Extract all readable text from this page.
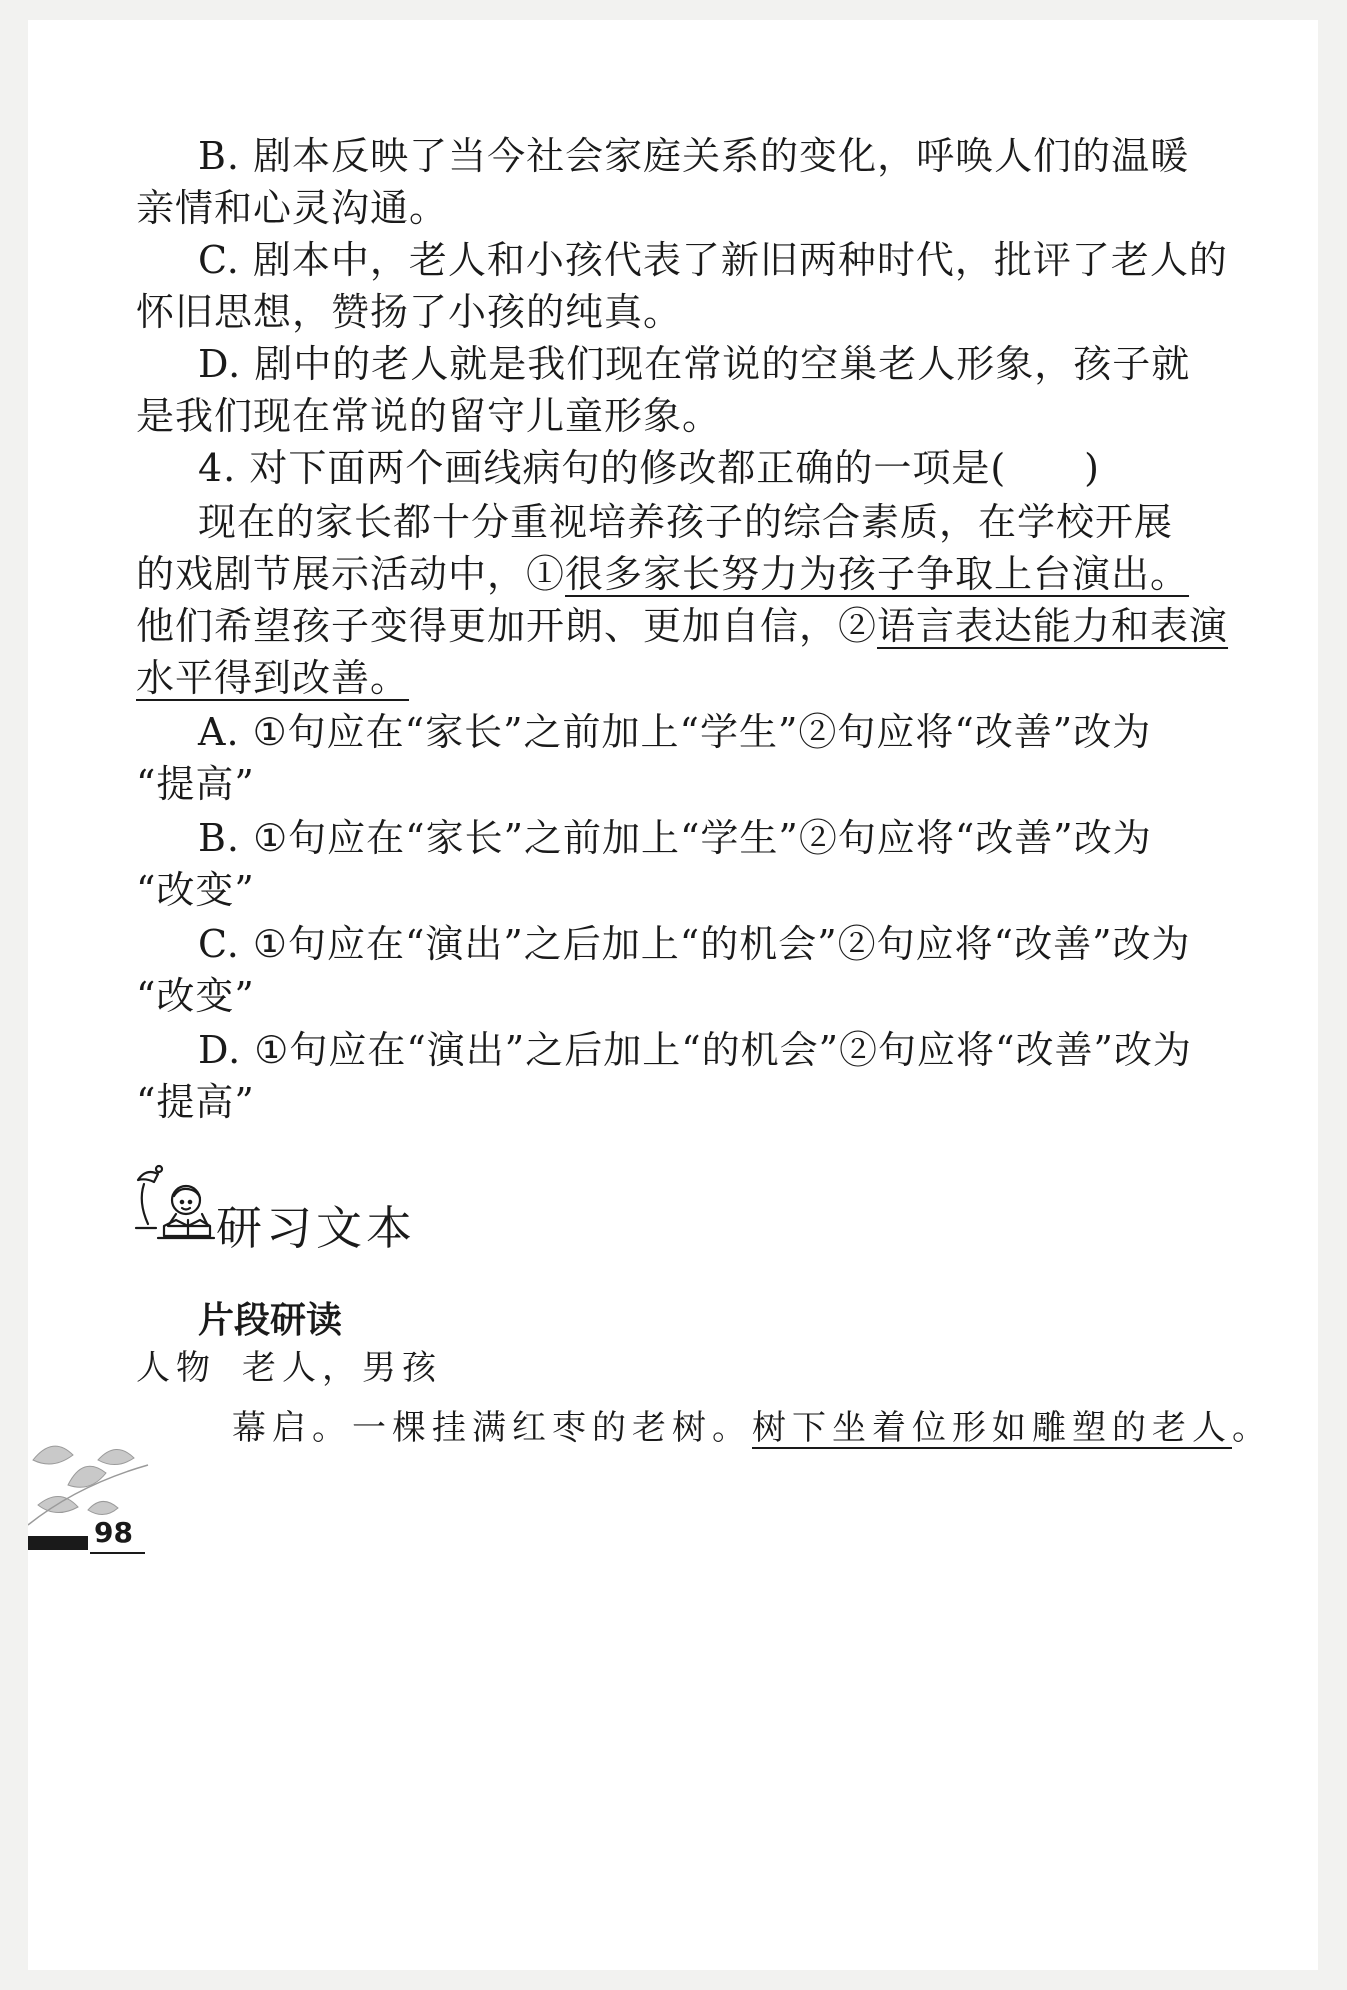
B. 剧本反映了当今社会家庭关系的变化，呼唤人们的温暖
亲情和心灵沟通。
C. 剧本中，老人和小孩代表了新旧两种时代，批评了老人的
怀旧思想，赞扬了小孩的纯真。
D. 剧中的老人就是我们现在常说的空巢老人形象，孩子就
是我们现在常说的留守儿童形象。
4. 对下面两个画线病句的修改都正确的一项是(　　)
现在的家长都十分重视培养孩子的综合素质，在学校开展
的戏剧节展示活动中，①很多家长努力为孩子争取上台演出。
他们希望孩子变得更加开朗、更加自信，②语言表达能力和表演
水平得到改善。
A. ①句应在“家长”之前加上“学生”②句应将“改善”改为
“提高”
B. ①句应在“家长”之前加上“学生”②句应将“改善”改为
“改变”
C. ①句应在“演出”之后加上“的机会”②句应将“改善”改为
“改变”
D. ①句应在“演出”之后加上“的机会”②句应将“改善”改为
“提高”
研习文本
片段研读
人物 老人，男孩
幕启。一棵挂满红枣的老树。树下坐着位形如雕塑的老人。
98
